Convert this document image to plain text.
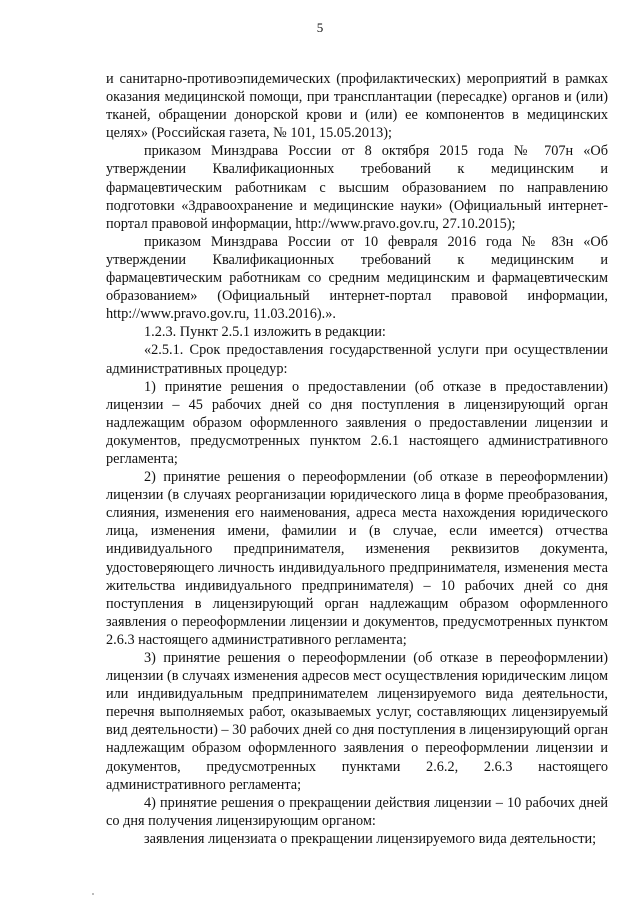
5

и санитарно-противоэпидемических (профилактических) мероприятий в рамках оказания медицинской помощи, при трансплантации (пересадке) органов и (или) тканей, обращении донорской крови и (или) ее компонентов в медицинских целях» (Российская газета, № 101, 15.05.2013);

приказом Минздрава России от 8 октября 2015 года № 707н «Об утверждении Квалификационных требований к медицинским и фармацевтическим работникам с высшим образованием по направлению подготовки «Здравоохранение и медицинские науки» (Официальный интернет-портал правовой информации, http://www.pravo.gov.ru, 27.10.2015);

приказом Минздрава России от 10 февраля 2016 года № 83н «Об утверждении Квалификационных требований к медицинским и фармацевтическим работникам со средним медицинским и фармацевтическим образованием» (Официальный интернет-портал правовой информации, http://www.pravo.gov.ru, 11.03.2016).».

1.2.3. Пункт 2.5.1 изложить в редакции:

«2.5.1. Срок предоставления государственной услуги при осуществлении административных процедур:

1) принятие решения о предоставлении (об отказе в предоставлении) лицензии – 45 рабочих дней со дня поступления в лицензирующий орган надлежащим образом оформленного заявления о предоставлении лицензии и документов, предусмотренных пунктом 2.6.1 настоящего административного регламента;

2) принятие решения о переоформлении (об отказе в переоформлении) лицензии (в случаях реорганизации юридического лица в форме преобразования, слияния, изменения его наименования, адреса места нахождения юридического лица, изменения имени, фамилии и (в случае, если имеется) отчества индивидуального предпринимателя, изменения реквизитов документа, удостоверяющего личность индивидуального предпринимателя, изменения места жительства индивидуального предпринимателя) – 10 рабочих дней со дня поступления в лицензирующий орган надлежащим образом оформленного заявления о переоформлении лицензии и документов, предусмотренных пунктом 2.6.3 настоящего административного регламента;

3) принятие решения о переоформлении (об отказе в переоформлении) лицензии (в случаях изменения адресов мест осуществления юридическим лицом или индивидуальным предпринимателем лицензируемого вида деятельности, перечня выполняемых работ, оказываемых услуг, составляющих лицензируемый вид деятельности) – 30 рабочих дней со дня поступления в лицензирующий орган надлежащим образом оформленного заявления о переоформлении лицензии и документов, предусмотренных пунктами 2.6.2, 2.6.3 настоящего административного регламента;

4) принятие решения о прекращении действия лицензии – 10 рабочих дней со дня получения лицензирующим органом:

заявления лицензиата о прекращении лицензируемого вида деятельности;
